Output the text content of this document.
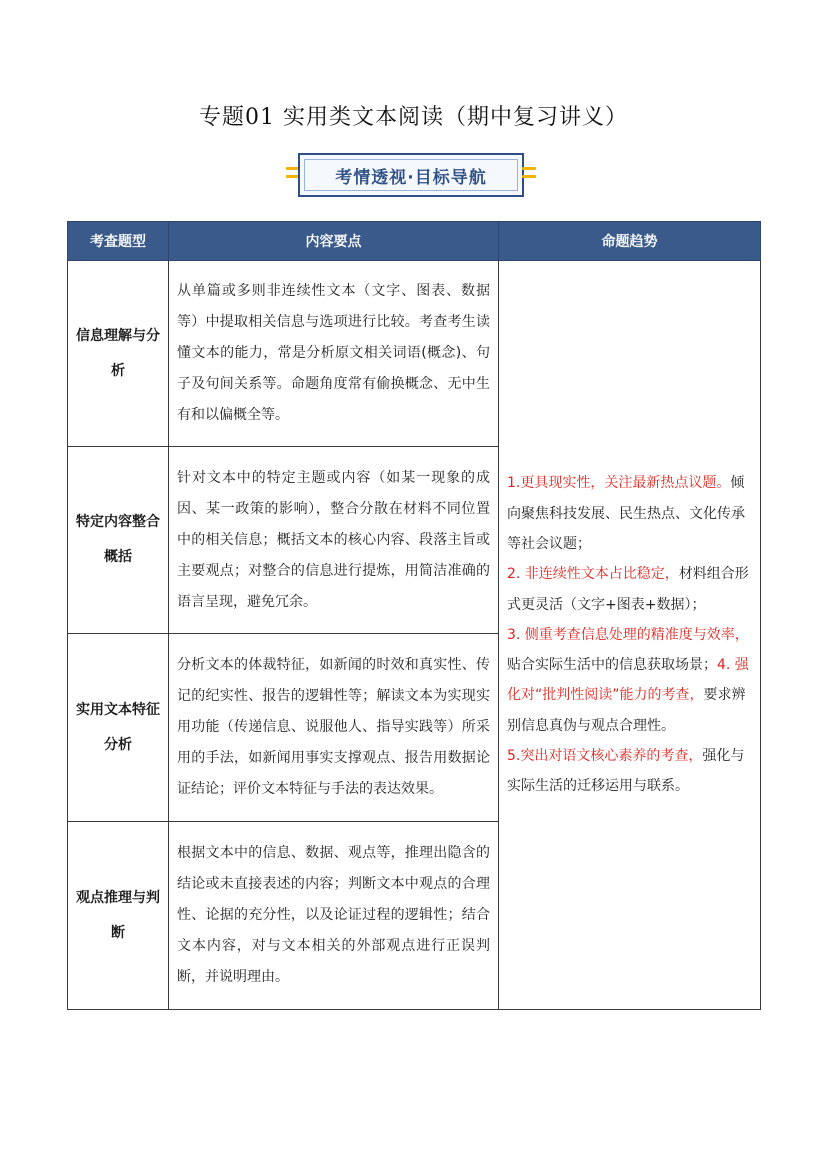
专题01 实用类文本阅读（期中复习讲义）
考情透视·目标导航
考查题型	内容要点	命题趋势
信息理解与分析	从单篇或多则非连续性文本（文字、图表、数据等）中提取相关信息与选项进行比较。考查考生读懂文本的能力，常是分析原文相关词语(概念)、句子及句间关系等。命题角度常有偷换概念、无中生有和以偏概全等。	1.更具现实性，关注最新热点议题。倾向聚焦科技发展、民生热点、文化传承等社会议题；
2. 非连续性文本占比稳定，材料组合形式更灵活（文字+图表+数据）；
3. 侧重考查信息处理的精准度与效率，贴合实际生活中的信息获取场景；4. 强化对“批判性阅读”能力的考查，要求辨别信息真伪与观点合理性。
5.突出对语文核心素养的考查，强化与实际生活的迁移运用与联系。
特定内容整合概括	针对文本中的特定主题或内容（如某一现象的成因、某一政策的影响），整合分散在材料不同位置中的相关信息；概括文本的核心内容、段落主旨或主要观点；对整合的信息进行提炼，用简洁准确的语言呈现，避免冗余。	
实用文本特征分析	分析文本的体裁特征，如新闻的时效和真实性、传记的纪实性、报告的逻辑性等；解读文本为实现实用功能（传递信息、说服他人、指导实践等）所采用的手法，如新闻用事实支撑观点、报告用数据论证结论；评价文本特征与手法的表达效果。	
观点推理与判断	根据文本中的信息、数据、观点等，推理出隐含的结论或未直接表述的内容；判断文本中观点的合理性、论据的充分性，以及论证过程的逻辑性；结合文本内容，对与文本相关的外部观点进行正误判断，并说明理由。	
